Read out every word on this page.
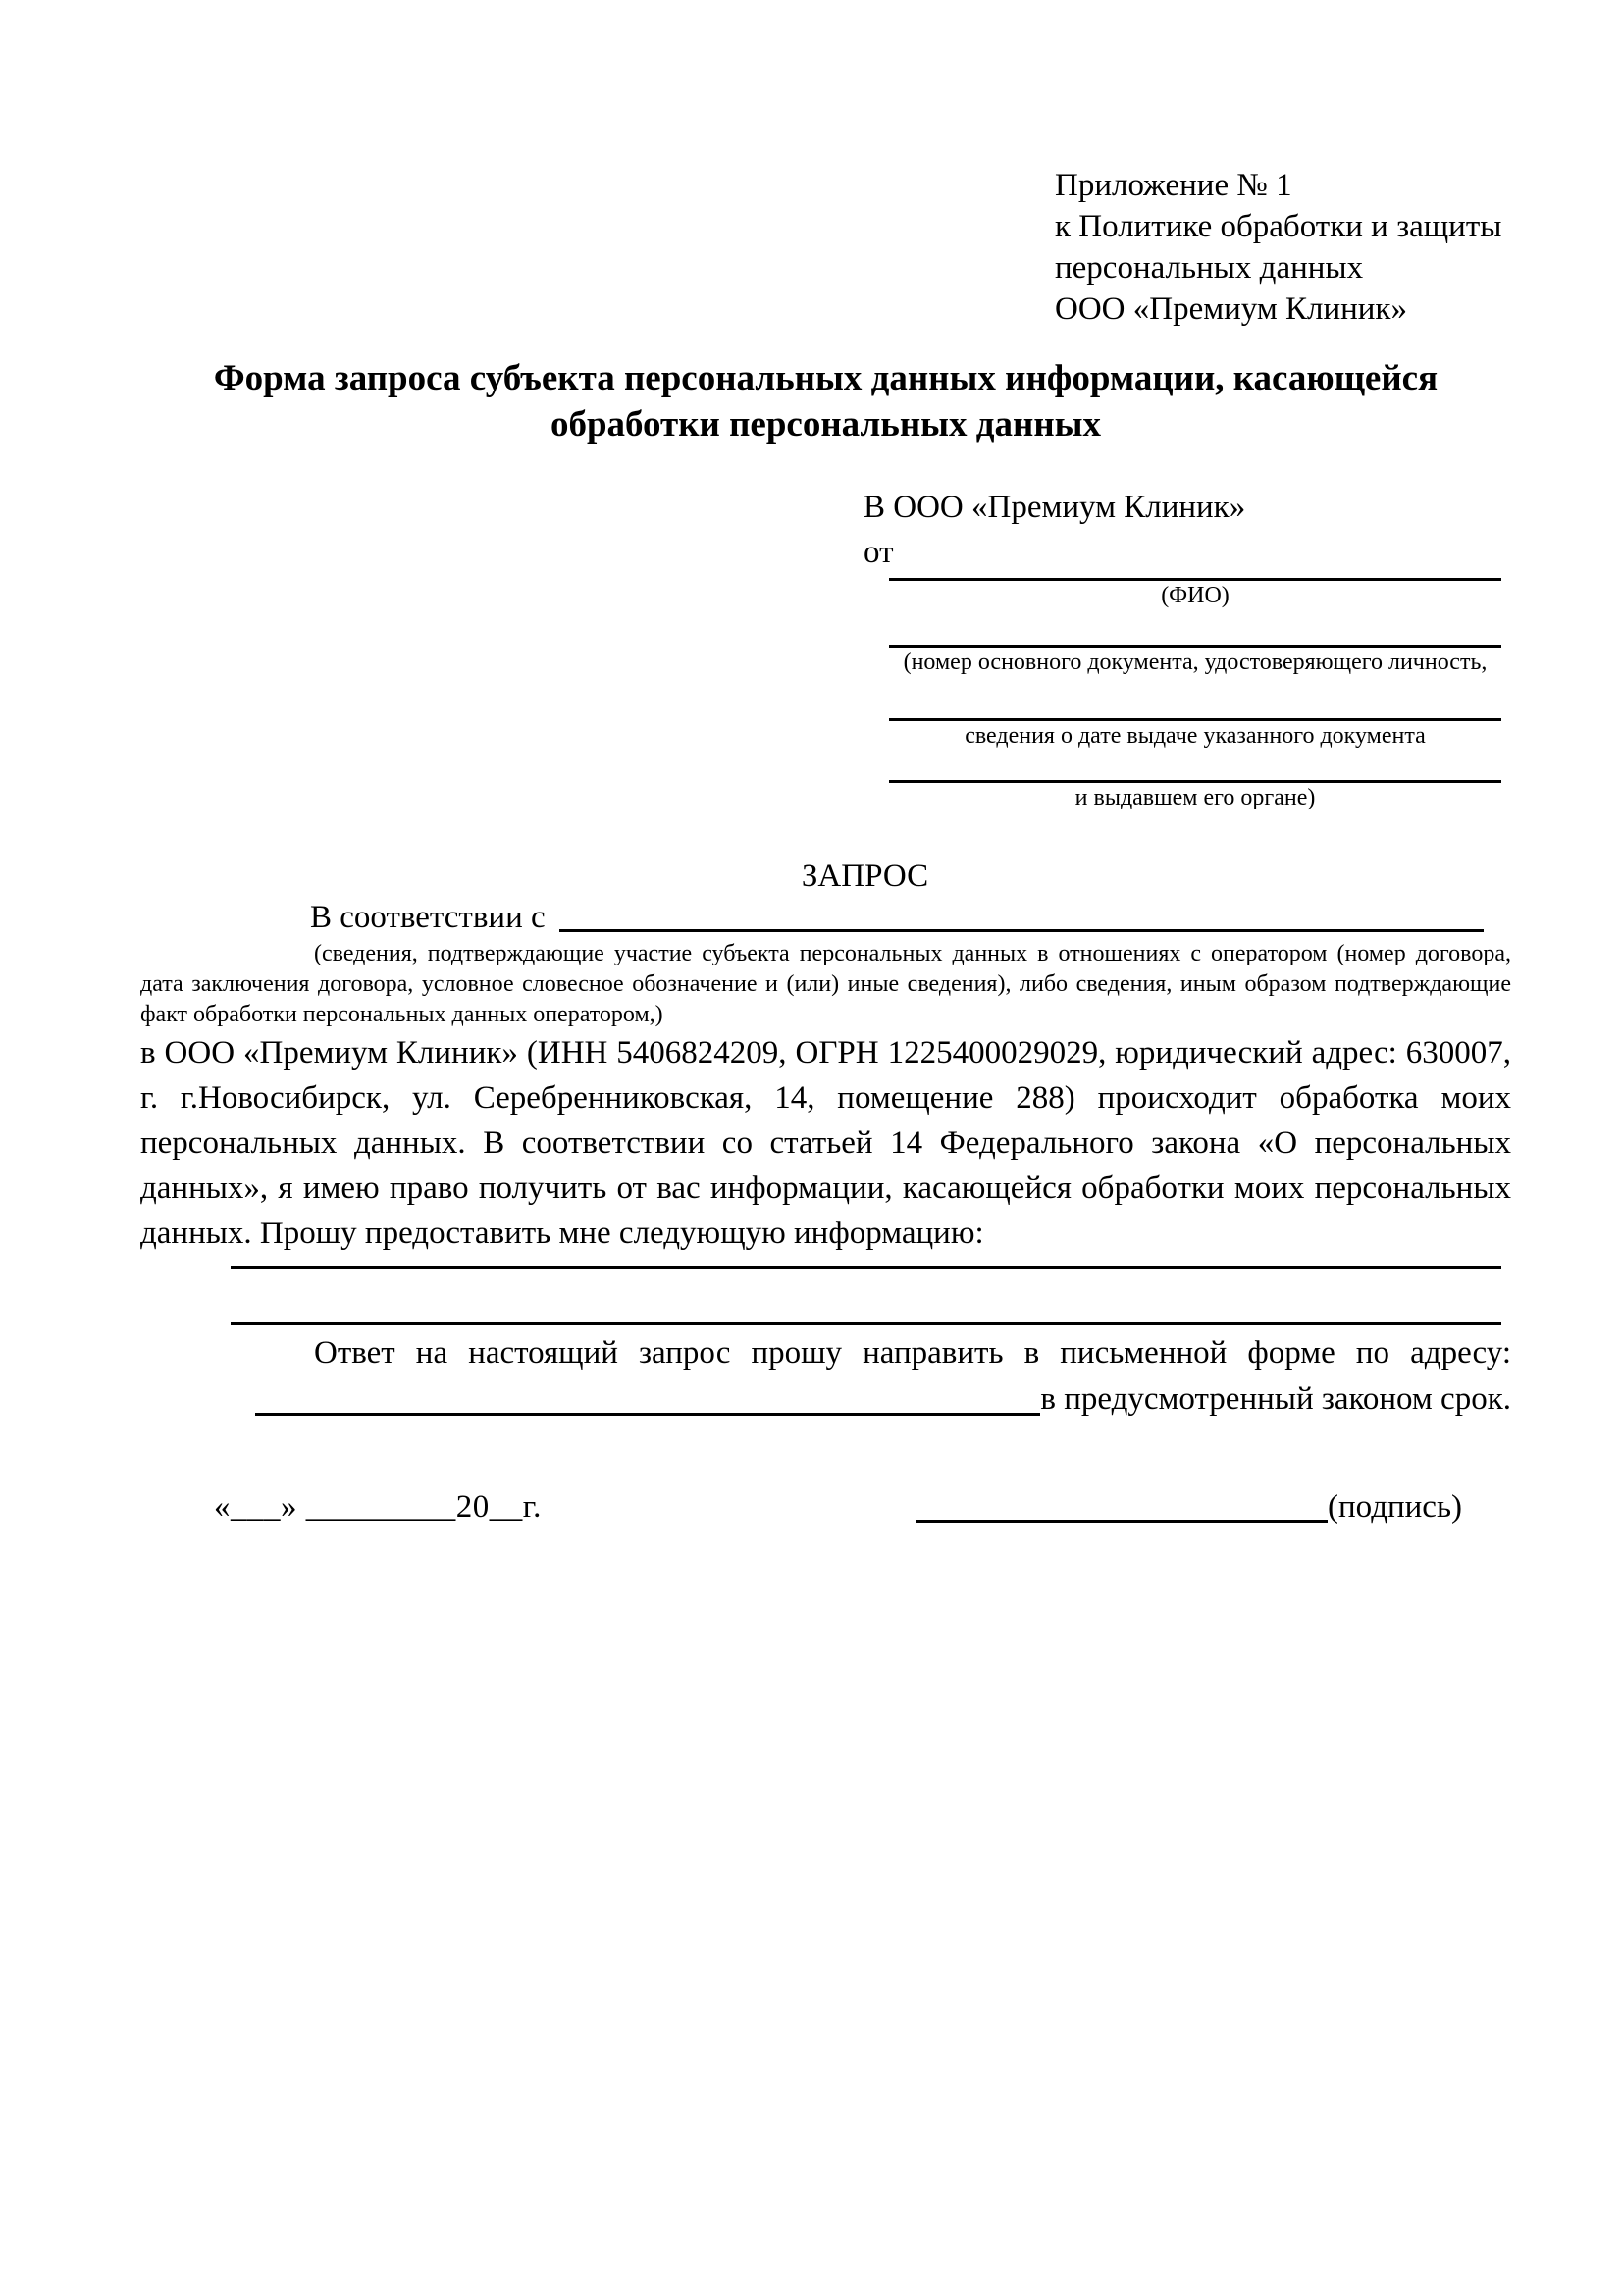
Приложение № 1
к Политике обработки и защиты
персональных данных
ООО «Премиум Клиник»
Форма запроса субъекта персональных данных информации, касающейся обработки персональных данных
В ООО «Премиум Клиник»
от
(ФИО)
(номер основного документа, удостоверяющего личность,
сведения о дате выдаче указанного документа
и выдавшем его органе)
ЗАПРОС
В соответствии с
(сведения, подтверждающие участие субъекта персональных данных в отношениях с оператором (номер договора, дата заключения договора, условное словесное обозначение и (или) иные сведения), либо сведения, иным образом подтверждающие факт обработки персональных данных оператором,)
в ООО «Премиум Клиник» (ИНН 5406824209, ОГРН 1225400029029, юридический адрес: 630007, г. г.Новосибирск, ул. Серебренниковская, 14, помещение 288) происходит обработка моих персональных данных. В соответствии со статьей 14 Федерального закона «О персональных данных», я имею право получить от вас информации, касающейся обработки моих персональных данных. Прошу предоставить мне следующую информацию:
Ответ на настоящий запрос прошу направить в письменной форме по адресу:
в предусмотренный законом срок.
«___» _________20__г.	(подпись)
